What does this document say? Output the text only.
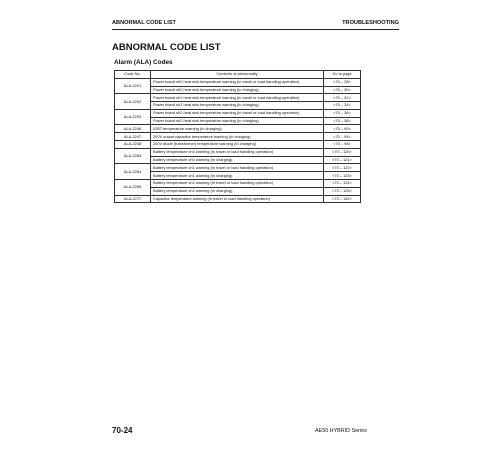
ABNORMAL CODE LIST	TROUBLESHOOTING
ABNORMAL CODE LIST
Alarm (ALA) Codes
Code No.	Contents of abnormality	Go to page
ALA-2201	Power board sh0 heat sink temperature warning (In travel or load handling operation)	<70 – 28>
	Power board sh0 heat sink temperature warning (In charging)	<70 – 30>
ALA-2202	Power board sh1 heat sink temperature warning (In travel or load handling operation)	<70 – 32>
	Power board sh1 heat sink temperature warning (In charging)	<70 – 34>
ALA-2203	Power board sh2 heat sink temperature warning (In travel or load handling operation)	<70 – 36>
	Power board sh2 heat sink temperature warning (In charging)	<70 – 38>
ALA-2246	IGBT temperature warning (In charging)	<70 – 90>
ALA-2247	200V output capacitor temperature warning (In charging)	<70 – 94>
ALA-2248	200V diode (transformer) temperature warning (In charging)	<70 – 98>
ALA-2263	Battery temperature ch0 warning (In travel or load handling operation)	<70 – 120>
	Battery temperature ch0 warning (In charging)	<70 – 121>
ALA-2264	Battery temperature ch1 warning (In travel or load handling operation)	<70 – 122>
	Battery temperature ch1 warning (In charging)	<70 – 123>
ALA-2265	Battery temperature ch2 warning (In travel or load handling operation)	<70 – 124>
	Battery temperature ch2 warning (In charging)	<70 – 125>
ALA-2277	Capacitor temperature warning (In travel or load handling operation)	<70 – 142>
70-24	AE50 HYBRID Series
